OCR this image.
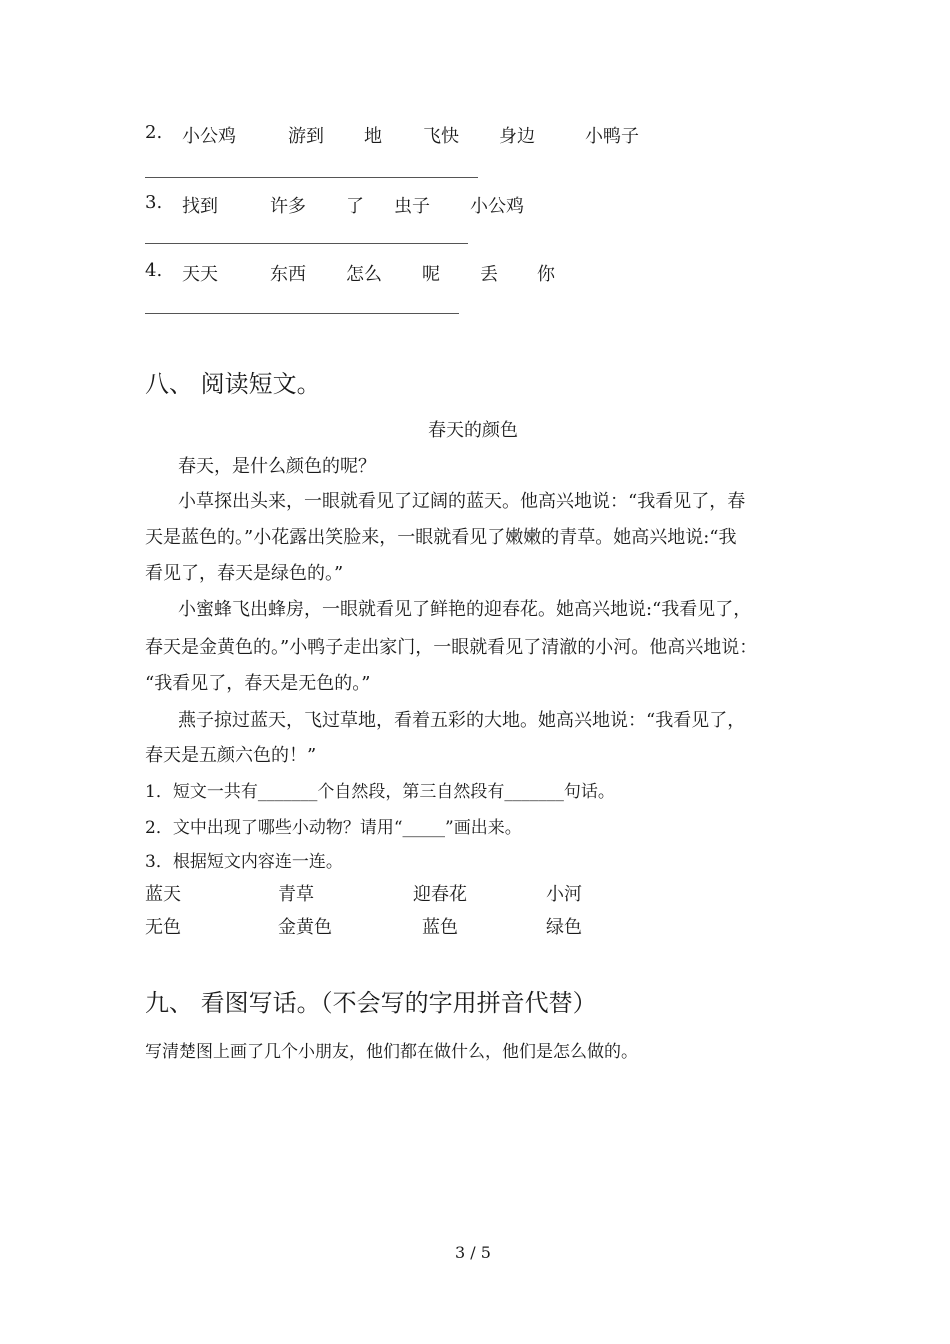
2. 小公鸡	游到 地 飞快 身边	小鸭子
3. 找到	许多 了 虫子 小公鸡
4. 天天	东西 怎么 呢 丢 你
八、 阅读短文。
春天的颜色
春天，是什么颜色的呢？
小草探出头来，一眼就看见了辽阔的蓝天。他高兴地说：“我看见了，春
天是蓝色的。”小花露出笑脸来，一眼就看见了嫩嫩的青草。她高兴地说:“我
看见了，春天是绿色的。”
小蜜蜂飞出蜂房，一眼就看见了鲜艳的迎春花。她高兴地说:“我看见了，
春天是金黄色的。”小鸭子走出家门，一眼就看见了清澈的小河。他高兴地说：
“我看见了，春天是无色的。”
燕子掠过蓝天，飞过草地，看着五彩的大地。她高兴地说：“我看见了，
春天是五颜六色的！”
1．短文一共有_______个自然段，第三自然段有_______句话。
2．文中出现了哪些小动物？请用“_____”画出来。
3．根据短文内容连一连。
蓝天	青草	迎春花	小河
无色	金黄色	蓝色	绿色
九、 看图写话。（不会写的字用拼音代替）
写清楚图上画了几个小朋友，他们都在做什么，他们是怎么做的。
3 / 5
